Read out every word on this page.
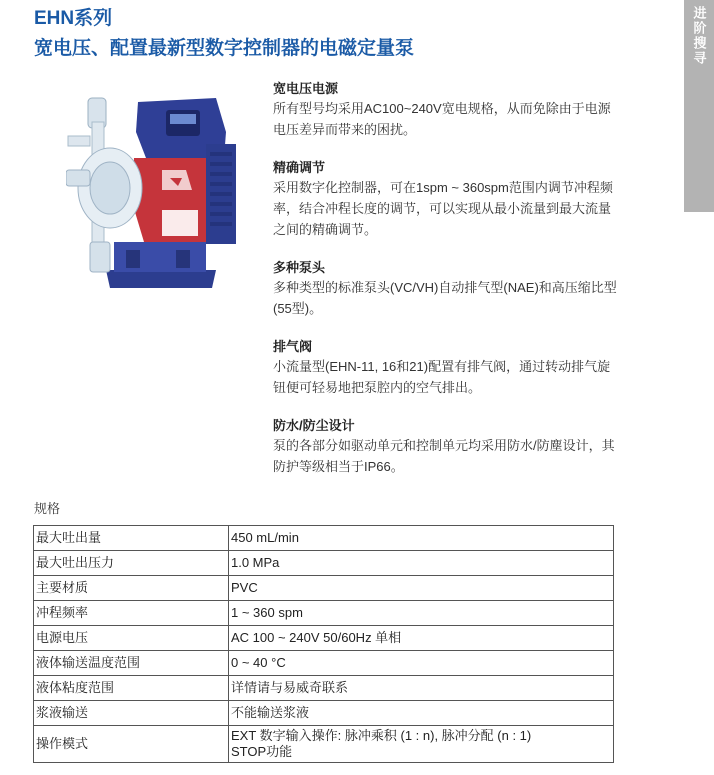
EHN系列
宽电压、配置最新型数字控制器的电磁定量泵	进阶搜寻
宽电压电源
所有型号均采用AC100~240V宽电规格，从而免除由于电源电压差异而带来的困扰。
精确调节
采用数字化控制器，可在1spm ~ 360spm范围内调节冲程频率，结合冲程长度的调节，可以实现从最小流量到最大流量之间的精确调节。
多种泵头
多种类型的标准泵头(VC/VH)自动排气型(NAE)和高压缩比型(55型)。
排气阀
小流量型(EHN-11, 16和21)配置有排气阀，通过转动排气旋钮便可轻易地把泵腔内的空气排出。
防水/防尘设计
泵的各部分如驱动单元和控制单元均采用防水/防塵设计，其防护等级相当于IP66。
规格
最大吐出量	450 mL/min
最大吐出压力	1.0 MPa
主要材质	PVC
冲程频率	1 ~ 360 spm
电源电压	AC 100 ~ 240V 50/60Hz 单相
液体输送温度范围	0 ~ 40 °C
液体粘度范围	详情请与易威奇联系
浆液输送	不能输送浆液
操作模式	EXT 数字输入操作: 脉冲乘积 (1 : n), 脉冲分配 (n : 1)
STOP功能
